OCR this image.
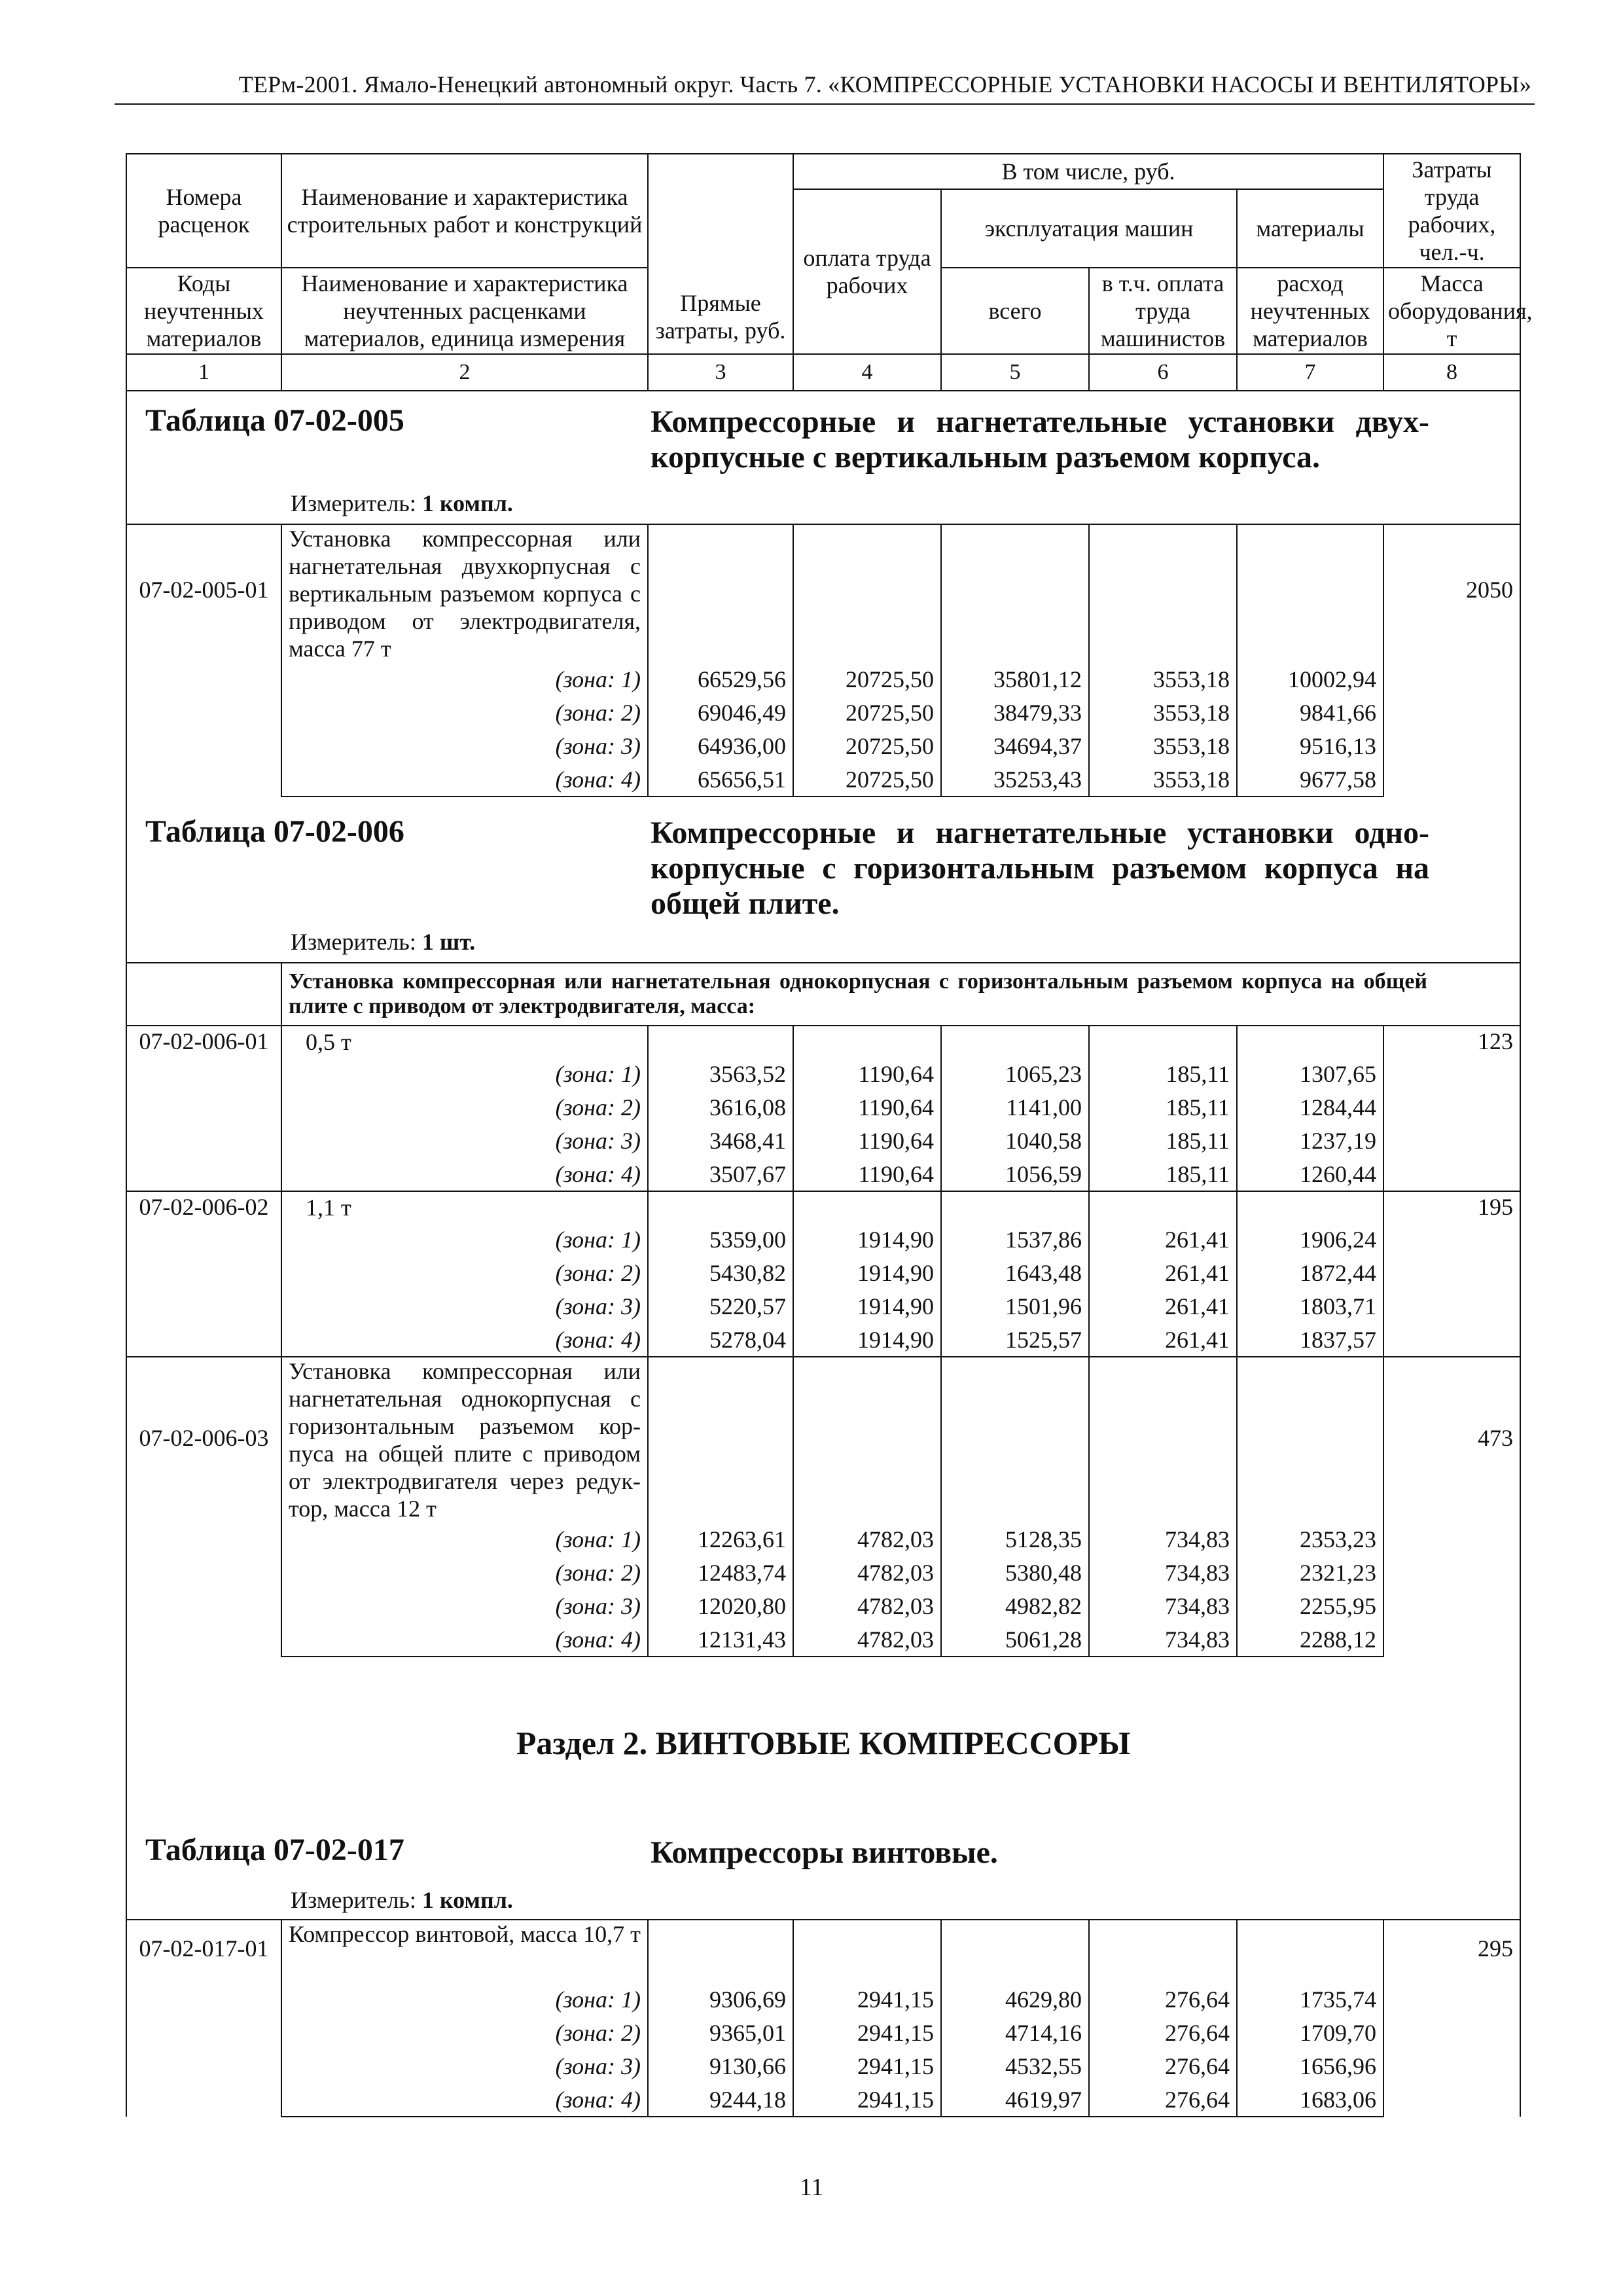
ТЕРм-2001. Ямало-Ненецкий автономный округ. Часть 7. «КОМПРЕССОРНЫЕ УСТАНОВКИ НАСОСЫ И ВЕНТИЛЯТОРЫ»
Номера расценок	Наименование и характеристика строительных работ и конструкций	Прямые затраты, руб.	В том числе, руб.				Затраты труда рабочих, чел.-ч.
			оплата труда рабочих	эксплуатация машин		материалы	
Коды неучтенных материалов	Наименование и характеристика неучтенных расценками материалов, единица измерения			всего	в т.ч. оплата труда машинистов	расход неучтенных материалов	Масса оборудования, т
1	2	3	4	5	6	7	8

Таблица 07-02-005 Компрессорные и нагнетательные установки двух-корпусные с вертикальным разъемом корпуса.
Измеритель: 1 компл.							

07-02-005-01	Установка компрессорная или нагнетательная двухкорпусная с вертикальным разъемом корпуса с приводом от электродвигателя, масса 77 т						2050
	(зона: 1)	66529,56	20725,50	35801,12	3553,18	10002,94	
	(зона: 2)	69046,49	20725,50	38479,33	3553,18	9841,66	
	(зона: 3)	64936,00	20725,50	34694,37	3553,18	9516,13	
	(зона: 4)	65656,51	20725,50	35253,43	3553,18	9677,58	

Таблица 07-02-006 Компрессорные и нагнетательные установки одно-корпусные с горизонтальным разъемом корпуса на общей плите.
Измеритель: 1 шт.							

	Установка компрессорная или нагнетательная однокорпусная с горизонтальным разъемом корпуса на общей плите с приводом от электродвигателя, масса:						

07-02-006-01	0,5 т						123
	(зона: 1)	3563,52	1190,64	1065,23	185,11	1307,65	
	(зона: 2)	3616,08	1190,64	1141,00	185,11	1284,44	
	(зона: 3)	3468,41	1190,64	1040,58	185,11	1237,19	
	(зона: 4)	3507,67	1190,64	1056,59	185,11	1260,44	
07-02-006-02	1,1 т						195
	(зона: 1)	5359,00	1914,90	1537,86	261,41	1906,24	
	(зона: 2)	5430,82	1914,90	1643,48	261,41	1872,44	
	(зона: 3)	5220,57	1914,90	1501,96	261,41	1803,71	
	(зона: 4)	5278,04	1914,90	1525,57	261,41	1837,57	
07-02-006-03	Установка компрессорная или нагнетательная однокорпусная с горизонтальным разъемом кор-пуса на общей плите с приводом от электродвигателя через редук-тор, масса 12 т						473
	(зона: 1)	12263,61	4782,03	5128,35	734,83	2353,23	
	(зона: 2)	12483,74	4782,03	5380,48	734,83	2321,23	
	(зона: 3)	12020,80	4782,03	4982,82	734,83	2255,95	
	(зона: 4)	12131,43	4782,03	5061,28	734,83	2288,12	

Раздел 2. ВИНТОВЫЕ КОМПРЕССОРЫ
Таблица 07-02-017 Компрессоры винтовые.
Измеритель: 1 компл.							

07-02-017-01	Компрессор винтовой, масса 10,7 т						295
	(зона: 1)	9306,69	2941,15	4629,80	276,64	1735,74	
	(зона: 2)	9365,01	2941,15	4714,16	276,64	1709,70	
	(зона: 3)	9130,66	2941,15	4532,55	276,64	1656,96	
	(зона: 4)	9244,18	2941,15	4619,97	276,64	1683,06	
11
